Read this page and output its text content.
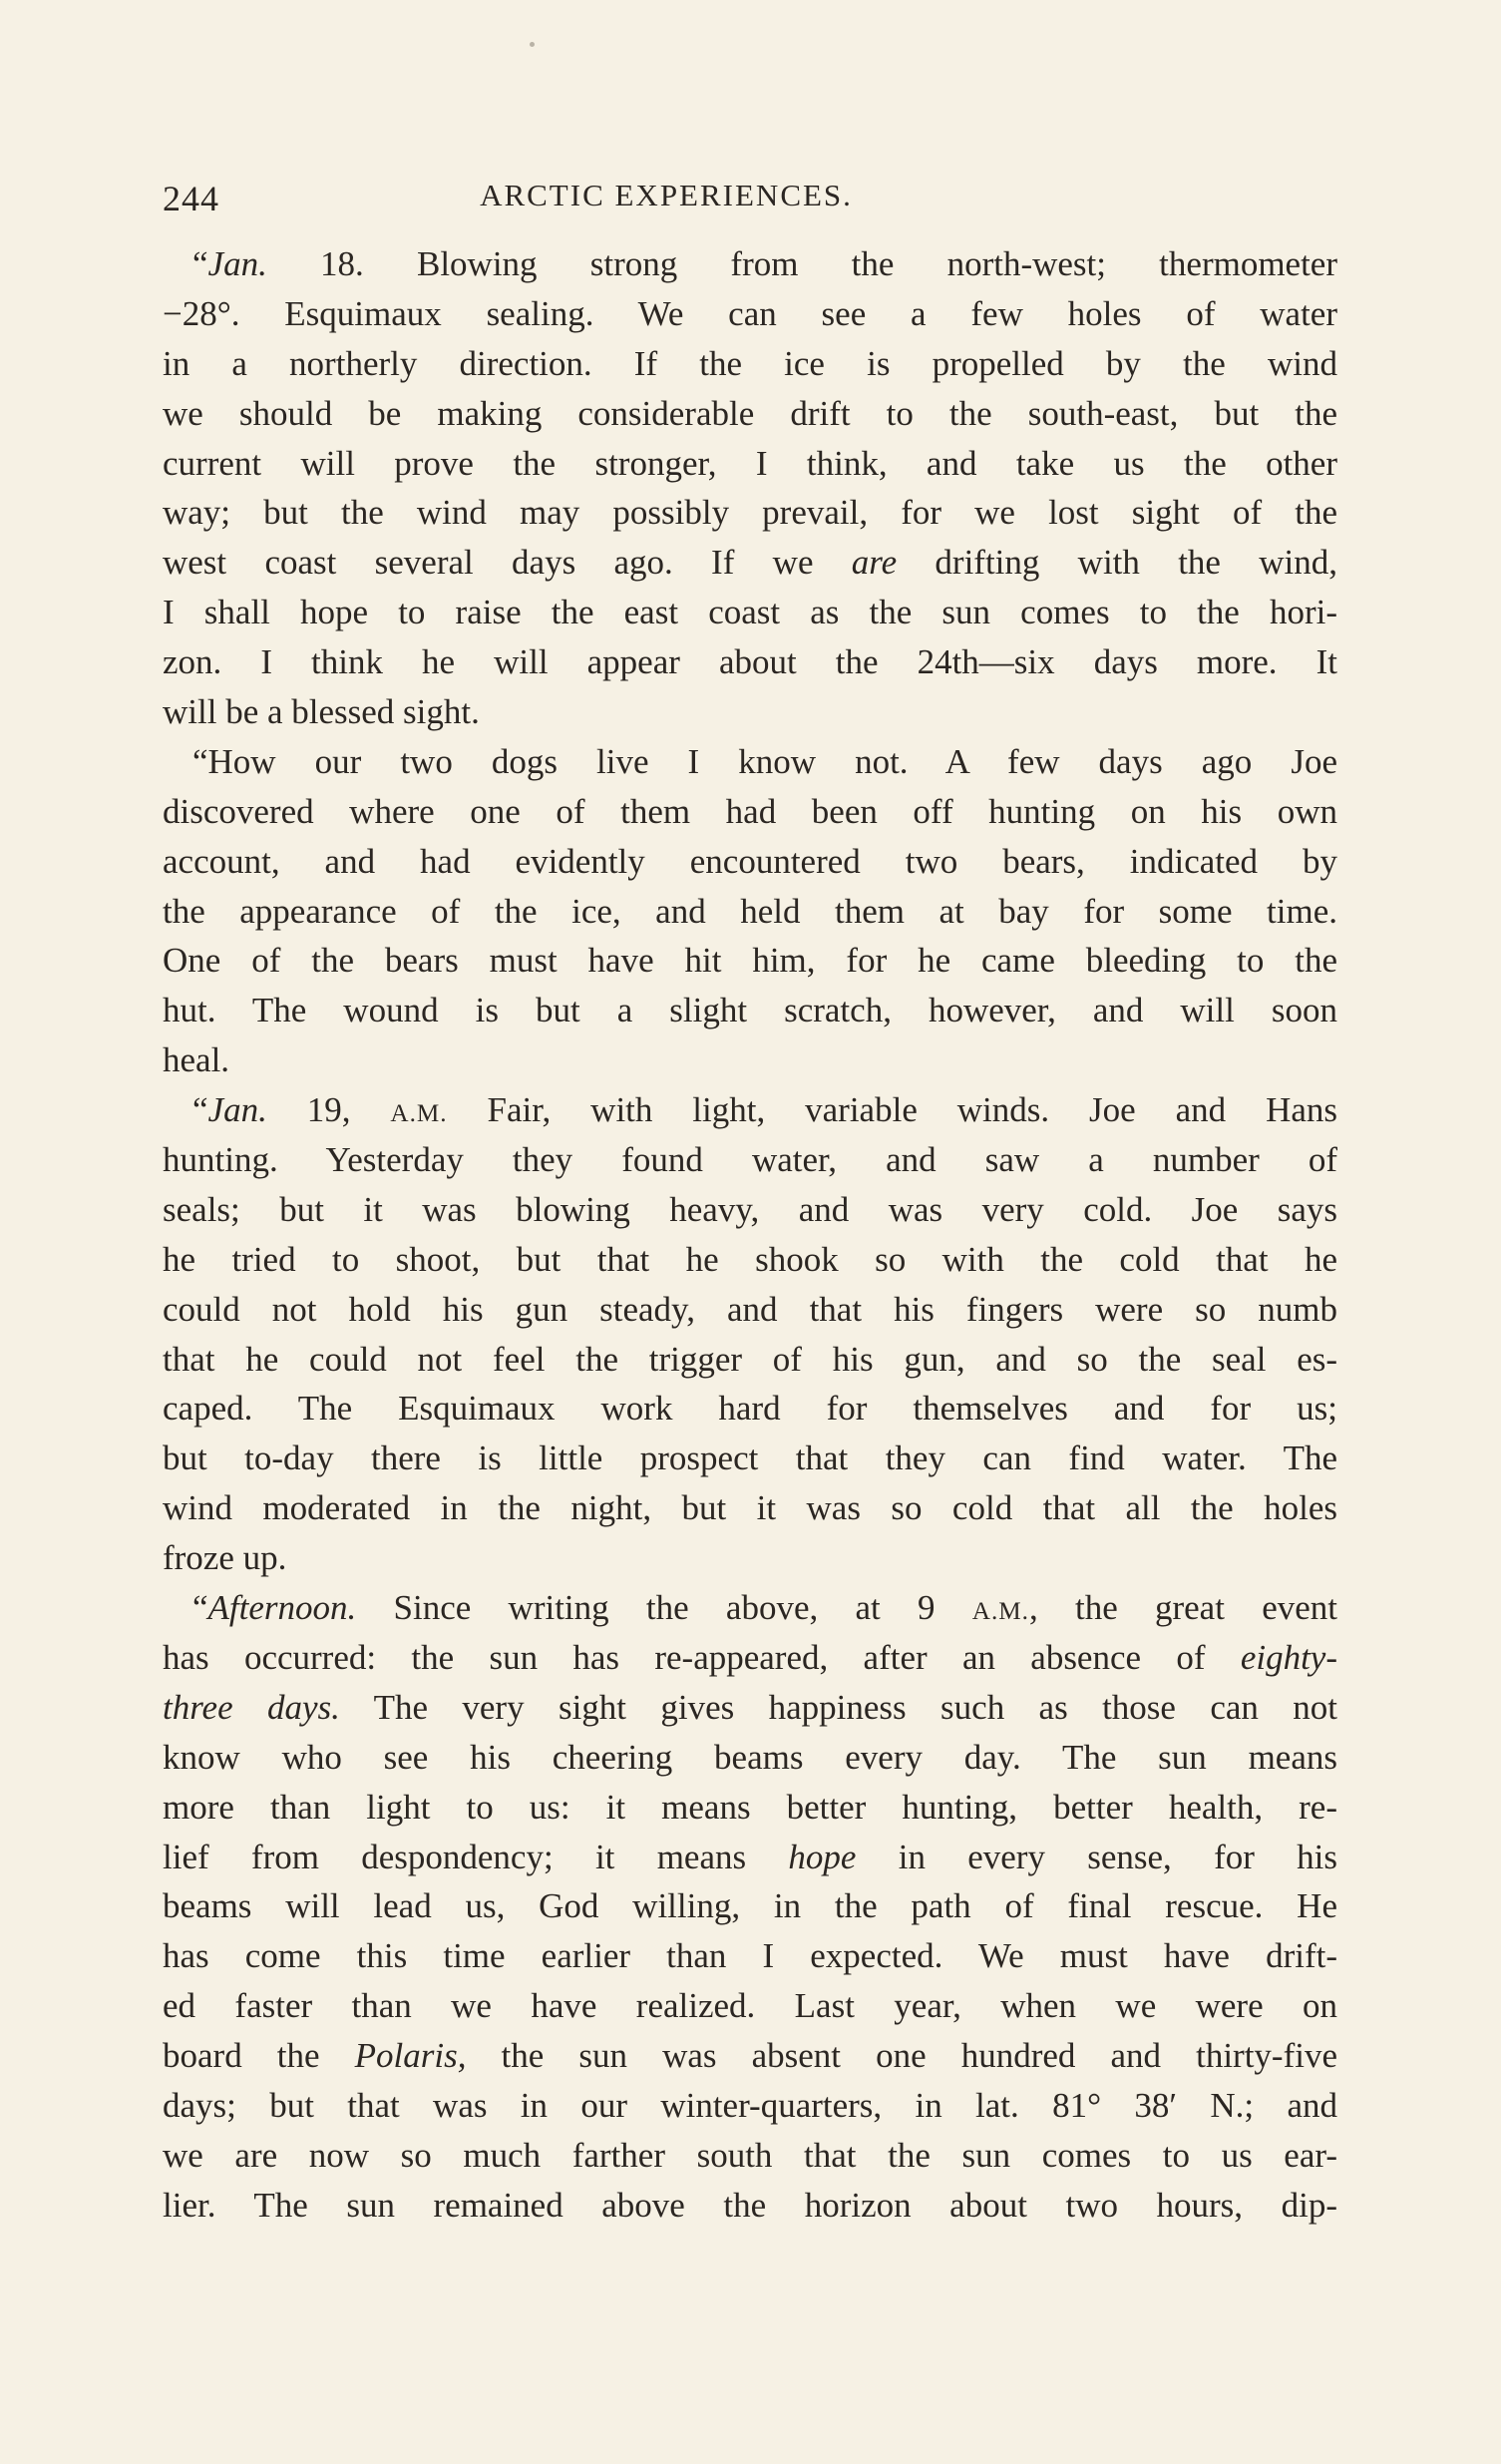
244	ARCTIC EXPERIENCES.
“Jan. 18. Blowing strong from the north-west; thermometer
−28°. Esquimaux sealing. We can see a few holes of water
in a northerly direction. If the ice is propelled by the wind
we should be making considerable drift to the south-east, but the
current will prove the stronger, I think, and take us the other
way; but the wind may possibly prevail, for we lost sight of the
west coast several days ago. If we are drifting with the wind,
I shall hope to raise the east coast as the sun comes to the hori-
zon. I think he will appear about the 24th—six days more. It
will be a blessed sight.
“How our two dogs live I know not. A few days ago Joe
discovered where one of them had been off hunting on his own
account, and had evidently encountered two bears, indicated by
the appearance of the ice, and held them at bay for some time.
One of the bears must have hit him, for he came bleeding to the
hut. The wound is but a slight scratch, however, and will soon
heal.
“Jan. 19, A.M. Fair, with light, variable winds. Joe and Hans
hunting. Yesterday they found water, and saw a number of
seals; but it was blowing heavy, and was very cold. Joe says
he tried to shoot, but that he shook so with the cold that he
could not hold his gun steady, and that his fingers were so numb
that he could not feel the trigger of his gun, and so the seal es-
caped. The Esquimaux work hard for themselves and for us;
but to-day there is little prospect that they can find water. The
wind moderated in the night, but it was so cold that all the holes
froze up.
“Afternoon. Since writing the above, at 9 A.M., the great event
has occurred: the sun has re-appeared, after an absence of eighty-
three days. The very sight gives happiness such as those can not
know who see his cheering beams every day. The sun means
more than light to us: it means better hunting, better health, re-
lief from despondency; it means hope in every sense, for his
beams will lead us, God willing, in the path of final rescue. He
has come this time earlier than I expected. We must have drift-
ed faster than we have realized. Last year, when we were on
board the Polaris, the sun was absent one hundred and thirty-five
days; but that was in our winter-quarters, in lat. 81° 38′ N.; and
we are now so much farther south that the sun comes to us ear-
lier. The sun remained above the horizon about two hours, dip-
